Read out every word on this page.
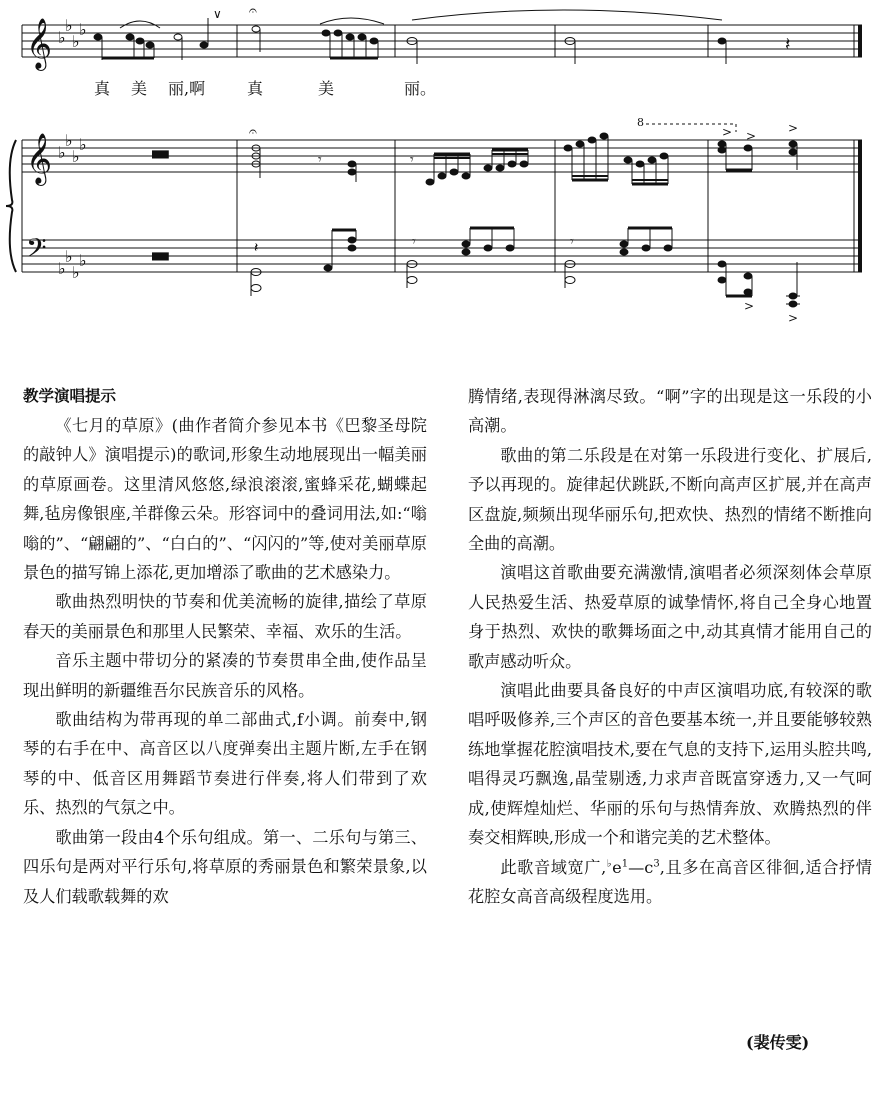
𝄞
𝄞
𝄢
♭
♭
♭
♭
♭
♭
♭
♭
♭
♭
♭
♭
∨ 𝄐
𝄽
▬
𝄐
𝄾	𝄾
8
> >
>
▬	𝄽	𝄾	𝄾
>
>
真 美 丽,啊	真	美	丽。

教学演唱提示

《七月的草原》(曲作者简介参见本书《巴黎圣母院的敲钟人》演唱提示)的歌词,形象生动地展现出一幅美丽的草原画卷。这里清风悠悠,绿浪滚滚,蜜蜂采花,蝴蝶起舞,毡房像银座,羊群像云朵。形容词中的叠词用法,如:“嗡嗡的”、“翩翩的”、“白白的”、“闪闪的”等,使对美丽草原景色的描写锦上添花,更加增添了歌曲的艺术感染力。

歌曲热烈明快的节奏和优美流畅的旋律,描绘了草原春天的美丽景色和那里人民繁荣、幸福、欢乐的生活。

音乐主题中带切分的紧凑的节奏贯串全曲,使作品呈现出鲜明的新疆维吾尔民族音乐的风格。

歌曲结构为带再现的单二部曲式,f小调。前奏中,钢琴的右手在中、高音区以八度弹奏出主题片断,左手在钢琴的中、低音区用舞蹈节奏进行伴奏,将人们带到了欢乐、热烈的气氛之中。

歌曲第一段由4个乐句组成。第一、二乐句与第三、四乐句是两对平行乐句,将草原的秀丽景色和繁荣景象,以及人们载歌载舞的欢

腾情绪,表现得淋漓尽致。“啊”字的出现是这一乐段的小高潮。

歌曲的第二乐段是在对第一乐段进行变化、扩展后,予以再现的。旋律起伏跳跃,不断向高声区扩展,并在高声区盘旋,频频出现华丽乐句,把欢快、热烈的情绪不断推向全曲的高潮。

演唱这首歌曲要充满激情,演唱者必须深刻体会草原人民热爱生活、热爱草原的诚挚情怀,将自己全身心地置身于热烈、欢快的歌舞场面之中,动其真情才能用自己的歌声感动听众。

演唱此曲要具备良好的中声区演唱功底,有较深的歌唱呼吸修养,三个声区的音色要基本统一,并且要能够较熟练地掌握花腔演唱技术,要在气息的支持下,运用头腔共鸣,唱得灵巧飘逸,晶莹剔透,力求声音既富穿透力,又一气呵成,使辉煌灿烂、华丽的乐句与热情奔放、欢腾热烈的伴奏交相辉映,形成一个和谐完美的艺术整体。

此歌音域宽广$,^♭e^1—c^3$,且多在高音区徘徊,适合抒情花腔女高音高级程度选用。

(裴传雯)
